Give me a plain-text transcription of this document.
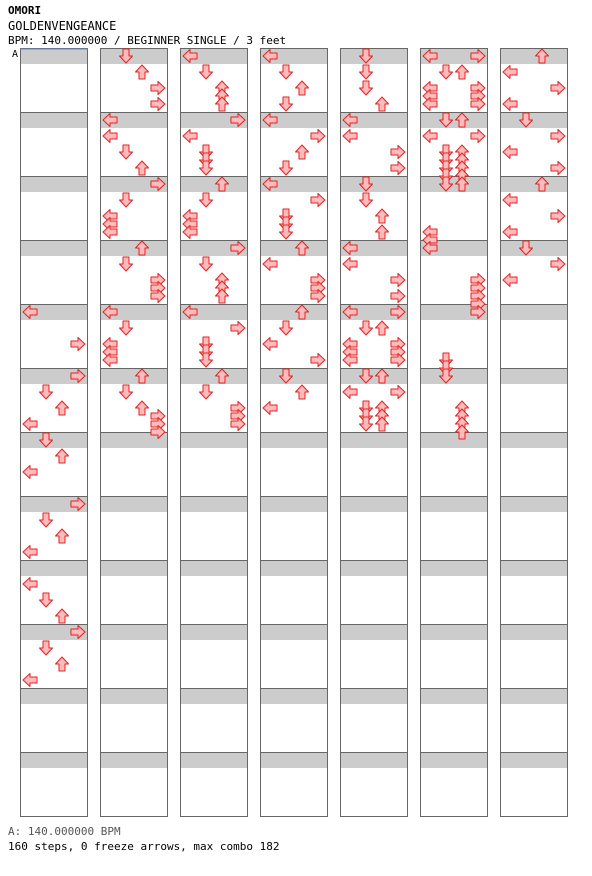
OMORI
GOLDENVENGEANCE
BPM: 140.000000 / BEGINNER SINGLE / 3 feet
A
A: 140.000000 BPM
160 steps, 0 freeze arrows, max combo 182
